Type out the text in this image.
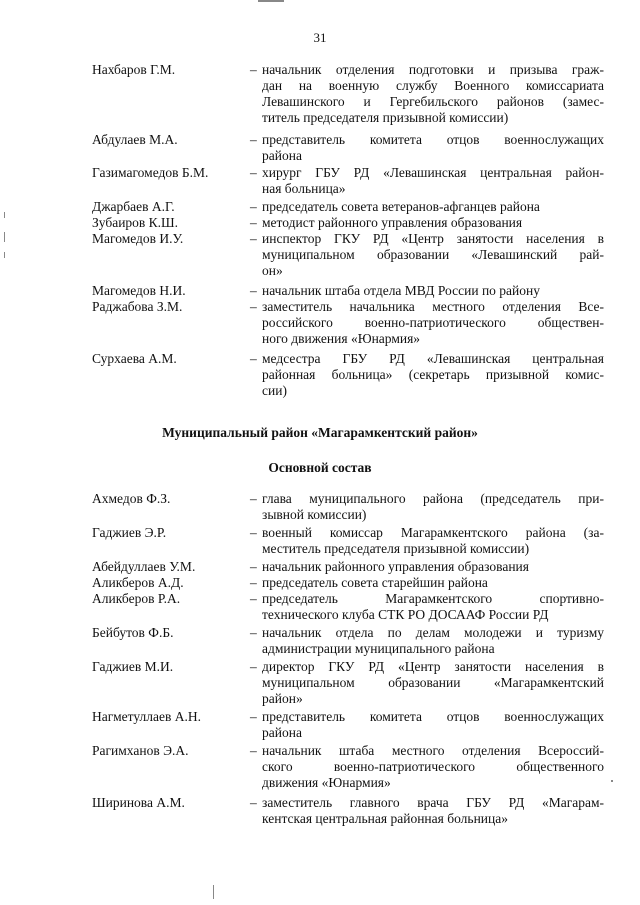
31
Нахбаров Г.М.	– начальник отделения подготовки и призыва граж-
дан на военную службу Военного комиссариата
Левашинского и Гергебильского районов (замес-
титель председателя призывной комиссии)
Абдулаев М.А.	– представитель комитета отцов военнослужащих
района
Газимагомедов Б.М.	– хирург ГБУ РД «Левашинская центральная район-
ная больница»
Джарбаев А.Г.	– председатель совета ветеранов-афганцев района
Зубаиров К.Ш.	– методист районного управления образования
Магомедов И.У.	– инспектор ГКУ РД «Центр занятости населения в
муниципальном образовании «Левашинский рай-
он»
Магомедов Н.И.	– начальник штаба отдела МВД России по району
Раджабова З.М.	– заместитель начальника местного отделения Все-
российского военно-патриотического обществен-
ного движения «Юнармия»
Сурхаева А.М.	– медсестра ГБУ РД «Левашинская центральная
районная больница» (секретарь призывной комис-
сии)
Муниципальный район «Магарамкентский район»
Основной состав
Ахмедов Ф.З.	– глава муниципального района (председатель при-
зывной комиссии)
Гаджиев Э.Р.	– военный комиссар Магарамкентского района (за-
меститель председателя призывной комиссии)
Абейдуллаев У.М.	– начальник районного управления образования
Аликберов А.Д.	– председатель совета старейшин района
Аликберов Р.А.	– председатель Магарамкентского спортивно-
технического клуба СТК РО ДОСААФ России РД
Бейбутов Ф.Б.	– начальник отдела по делам молодежи и туризму
администрации муниципального района
Гаджиев М.И.	– директор ГКУ РД «Центр занятости населения в
муниципальном образовании «Магарамкентский
район»
Нагметуллаев А.Н.	– представитель комитета отцов военнослужащих
района
Рагимханов Э.А.	– начальник штаба местного отделения Всероссий-
ского военно-патриотического общественного
движения «Юнармия»
Ширинова А.М.	– заместитель главного врача ГБУ РД «Магарам-
кентская центральная районная больница»
